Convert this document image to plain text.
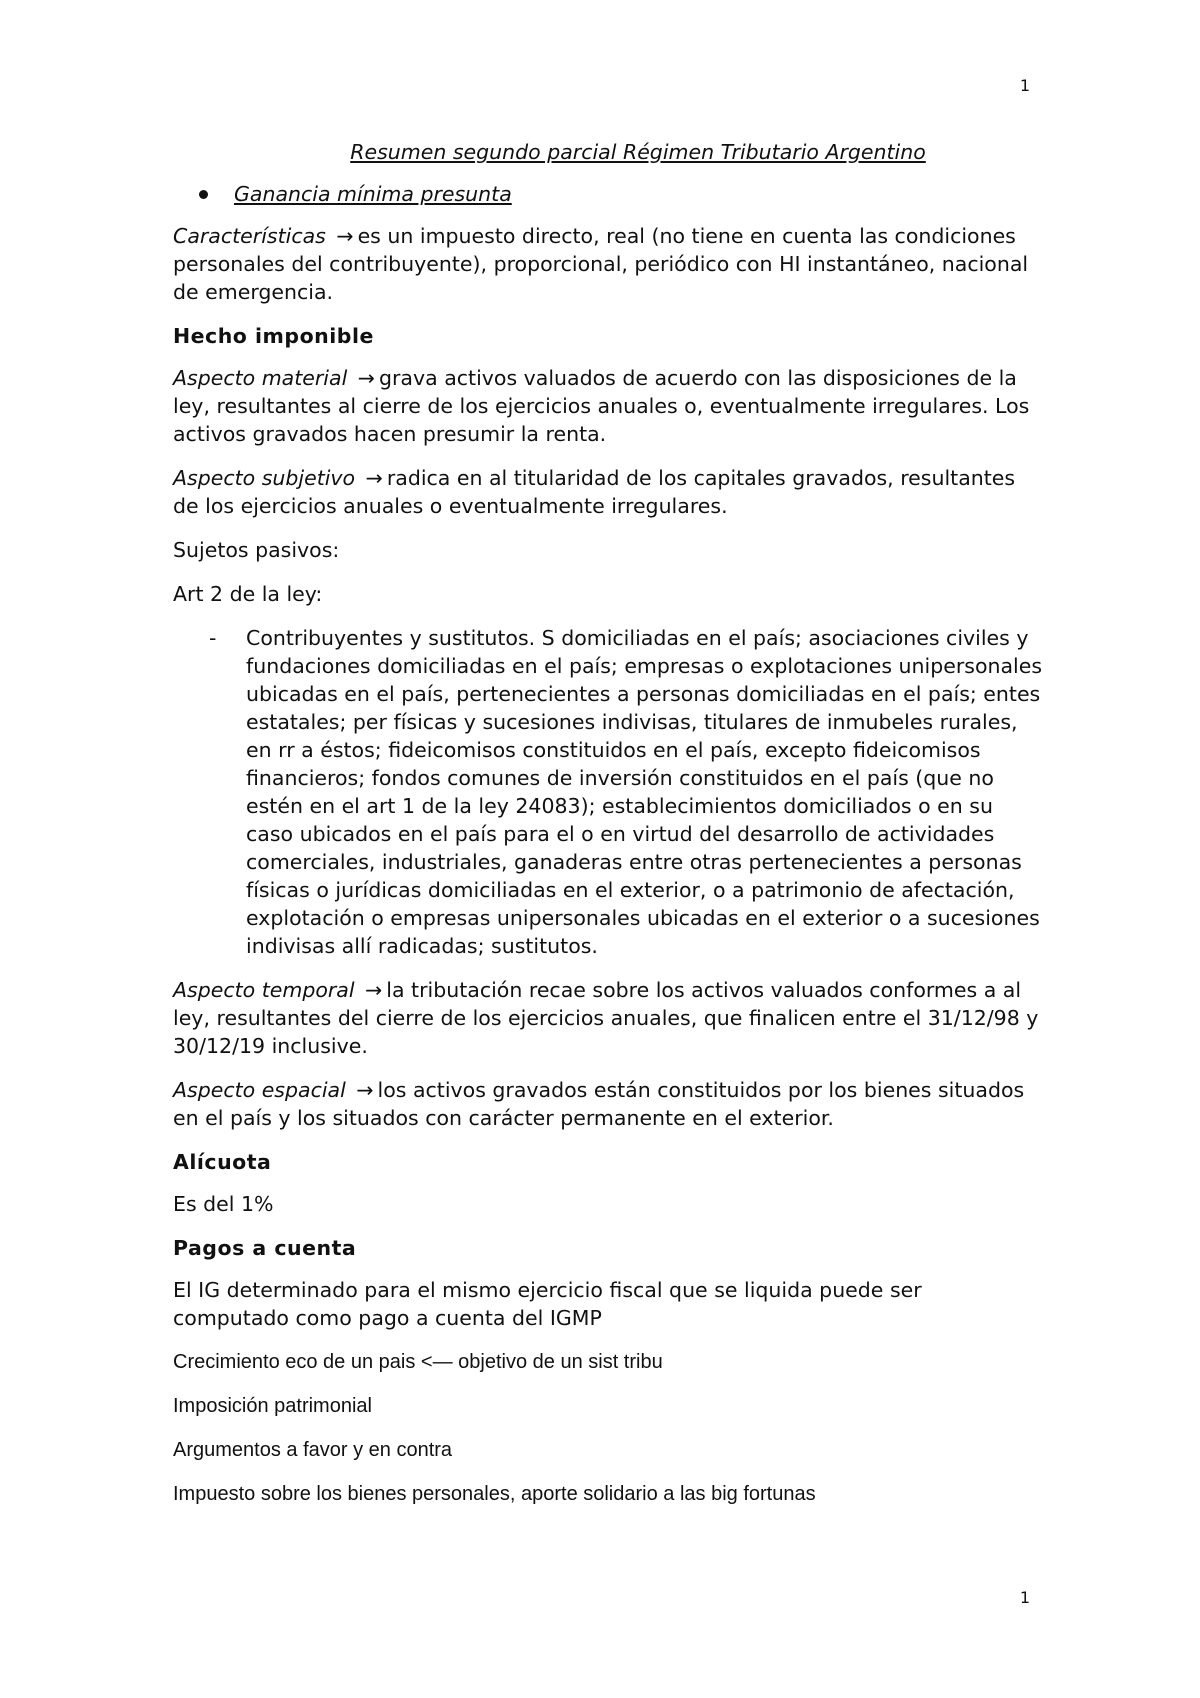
1
Resumen segundo parcial Régimen Tributario Argentino
Ganancia mínima presunta

Características → es un impuesto directo, real (no tiene en cuenta las condiciones personales del contribuyente), proporcional, periódico con HI instantáneo, nacional de emergencia.

Hecho imponible

Aspecto material → grava activos valuados de acuerdo con las disposiciones de la ley, resultantes al cierre de los ejercicios anuales o, eventualmente irregulares. Los activos gravados hacen presumir la renta.

Aspecto subjetivo → radica en al titularidad de los capitales gravados, resultantes de los ejercicios anuales o eventualmente irregulares.

Sujetos pasivos:

Art 2 de la ley:

-	Contribuyentes y sustitutos. S domiciliadas en el país; asociaciones civiles y fundaciones domiciliadas en el país; empresas o explotaciones unipersonales ubicadas en el país, pertenecientes a personas domiciliadas en el país; entes estatales; per físicas y sucesiones indivisas, titulares de inmubeles rurales, en rr a éstos; fideicomisos constituidos en el país, excepto fideicomisos financieros; fondos comunes de inversión constituidos en el país (que no estén en el art 1 de la ley 24083); establecimientos domiciliados o en su caso ubicados en el país para el o en virtud del desarrollo de actividades comerciales, industriales, ganaderas entre otras pertenecientes a personas físicas o jurídicas domiciliadas en el exterior, o a patrimonio de afectación, explotación o empresas unipersonales ubicadas en el exterior o a sucesiones indivisas allí radicadas; sustitutos.

Aspecto temporal → la tributación recae sobre los activos valuados conformes a al ley, resultantes del cierre de los ejercicios anuales, que finalicen entre el 31/12/98 y 30/12/19 inclusive.

Aspecto espacial → los activos gravados están constituidos por los bienes situados en el país y los situados con carácter permanente en el exterior.

Alícuota

Es del 1%

Pagos a cuenta

El IG determinado para el mismo ejercicio fiscal que se liquida puede ser computado como pago a cuenta del IGMP

Crecimiento eco de un pais <— objetivo de un sist tribu

Imposición patrimonial

Argumentos a favor y en contra

Impuesto sobre los bienes personales, aporte solidario a las big fortunas

1
